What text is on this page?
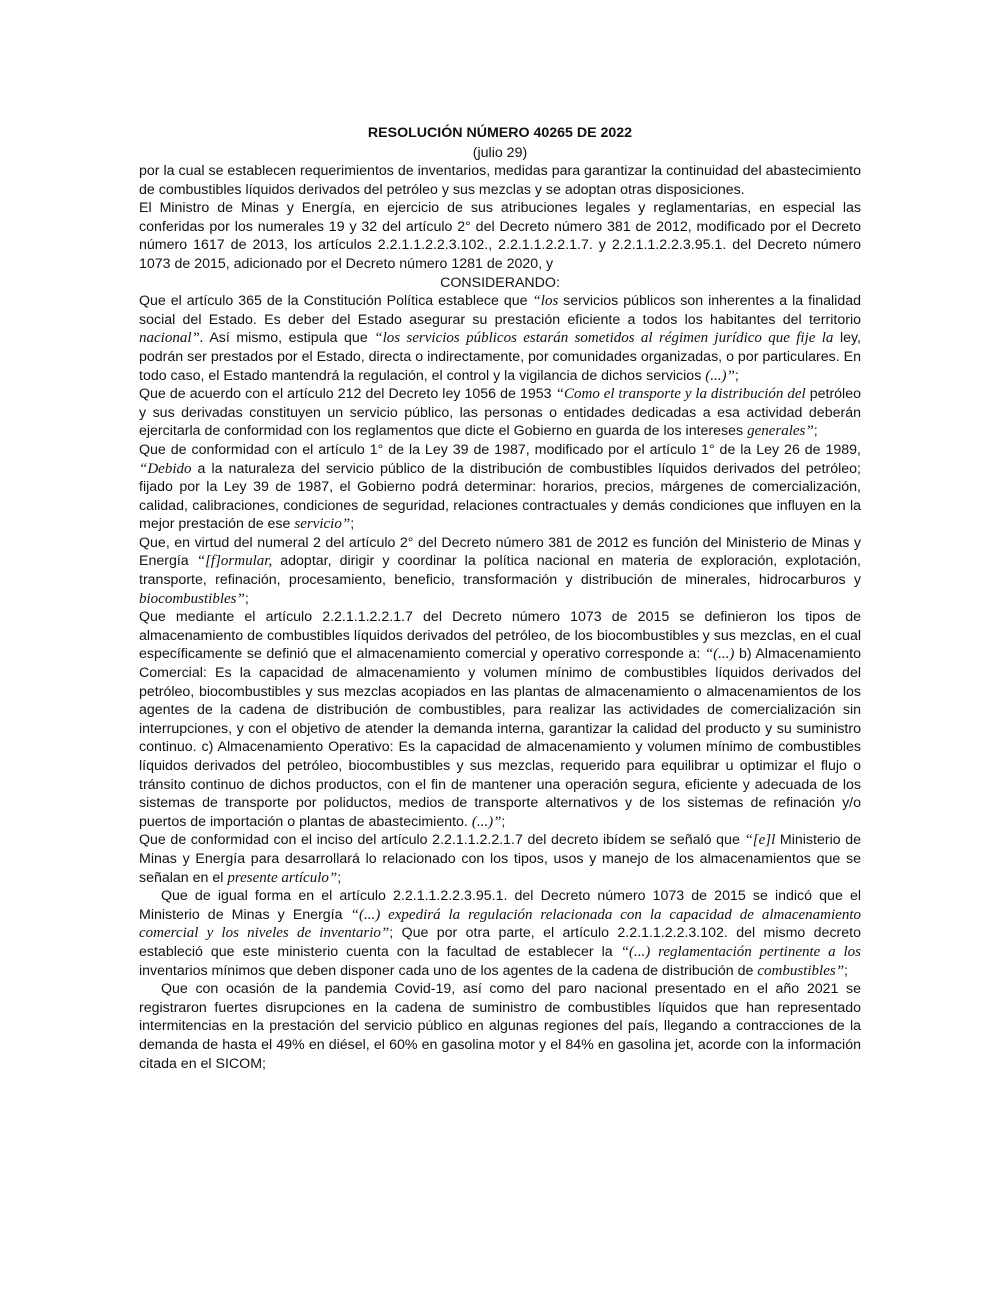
RESOLUCIÓN NÚMERO 40265 DE 2022
(julio 29)

por la cual se establecen requerimientos de inventarios, medidas para garantizar la continuidad del abastecimiento de combustibles líquidos derivados del petróleo y sus mezclas y se adoptan otras disposiciones.

El Ministro de Minas y Energía, en ejercicio de sus atribuciones legales y reglamentarias, en especial las conferidas por los numerales 19 y 32 del artículo 2° del Decreto número 381 de 2012, modificado por el Decreto número 1617 de 2013, los artículos 2.2.1.1.2.2.3.102., 2.2.1.1.2.2.1.7. y 2.2.1.1.2.2.3.95.1. del Decreto número 1073 de 2015, adicionado por el Decreto número 1281 de 2020, y

CONSIDERANDO:

Que el artículo 365 de la Constitución Política establece que “los servicios públicos son inherentes a la finalidad social del Estado. Es deber del Estado asegurar su prestación eficiente a todos los habitantes del territorio nacional”. Así mismo, estipula que “los servicios públicos estarán sometidos al régimen jurídico que fije la ley, podrán ser prestados por el Estado, directa o indirectamente, por comunidades organizadas, o por particulares. En todo caso, el Estado mantendrá la regulación, el control y la vigilancia de dichos servicios (...)”;

Que de acuerdo con el artículo 212 del Decreto ley 1056 de 1953 “Como el transporte y la distribución del petróleo y sus derivadas constituyen un servicio público, las personas o entidades dedicadas a esa actividad deberán ejercitarla de conformidad con los reglamentos que dicte el Gobierno en guarda de los intereses generales”;

Que de conformidad con el artículo 1° de la Ley 39 de 1987, modificado por el artículo 1° de la Ley 26 de 1989, “Debido a la naturaleza del servicio público de la distribución de combustibles líquidos derivados del petróleo; fijado por la Ley 39 de 1987, el Gobierno podrá determinar: horarios, precios, márgenes de comercialización, calidad, calibraciones, condiciones de seguridad, relaciones contractuales y demás condiciones que influyen en la mejor prestación de ese servicio”;

Que, en virtud del numeral 2 del artículo 2° del Decreto número 381 de 2012 es función del Ministerio de Minas y Energía “[f]ormular, adoptar, dirigir y coordinar la política nacional en materia de exploración, explotación, transporte, refinación, procesamiento, beneficio, transformación y distribución de minerales, hidrocarburos y biocombustibles”;

Que mediante el artículo 2.2.1.1.2.2.1.7 del Decreto número 1073 de 2015 se definieron los tipos de almacenamiento de combustibles líquidos derivados del petróleo, de los biocombustibles y sus mezclas, en el cual específicamente se definió que el almacenamiento comercial y operativo corresponde a: “(...) b) Almacenamiento Comercial: Es la capacidad de almacenamiento y volumen mínimo de combustibles líquidos derivados del petróleo, biocombustibles y sus mezclas acopiados en las plantas de almacenamiento o almacenamientos de los agentes de la cadena de distribución de combustibles, para realizar las actividades de comercialización sin interrupciones, y con el objetivo de atender la demanda interna, garantizar la calidad del producto y su suministro continuo. c) Almacenamiento Operativo: Es la capacidad de almacenamiento y volumen mínimo de combustibles líquidos derivados del petróleo, biocombustibles y sus mezclas, requerido para equilibrar u optimizar el flujo o tránsito continuo de dichos productos, con el fin de mantener una operación segura, eficiente y adecuada de los sistemas de transporte por poliductos, medios de transporte alternativos y de los sistemas de refinación y/o puertos de importación o plantas de abastecimiento. (...)”;

Que de conformidad con el inciso del artículo 2.2.1.1.2.2.1.7 del decreto ibídem se señaló que “[e]l Ministerio de Minas y Energía para desarrollará lo relacionado con los tipos, usos y manejo de los almacenamientos que se señalan en el presente artículo”;

Que de igual forma en el artículo 2.2.1.1.2.2.3.95.1. del Decreto número 1073 de 2015 se indicó que el Ministerio de Minas y Energía “(...) expedirá la regulación relacionada con la capacidad de almacenamiento comercial y los niveles de inventario”; Que por otra parte, el artículo 2.2.1.1.2.2.3.102. del mismo decreto estableció que este ministerio cuenta con la facultad de establecer la “(...) reglamentación pertinente a los inventarios mínimos que deben disponer cada uno de los agentes de la cadena de distribución de combustibles”;

Que con ocasión de la pandemia Covid-19, así como del paro nacional presentado en el año 2021 se registraron fuertes disrupciones en la cadena de suministro de combustibles líquidos que han representado intermitencias en la prestación del servicio público en algunas regiones del país, llegando a contracciones de la demanda de hasta el 49% en diésel, el 60% en gasolina motor y el 84% en gasolina jet, acorde con la información citada en el SICOM;
